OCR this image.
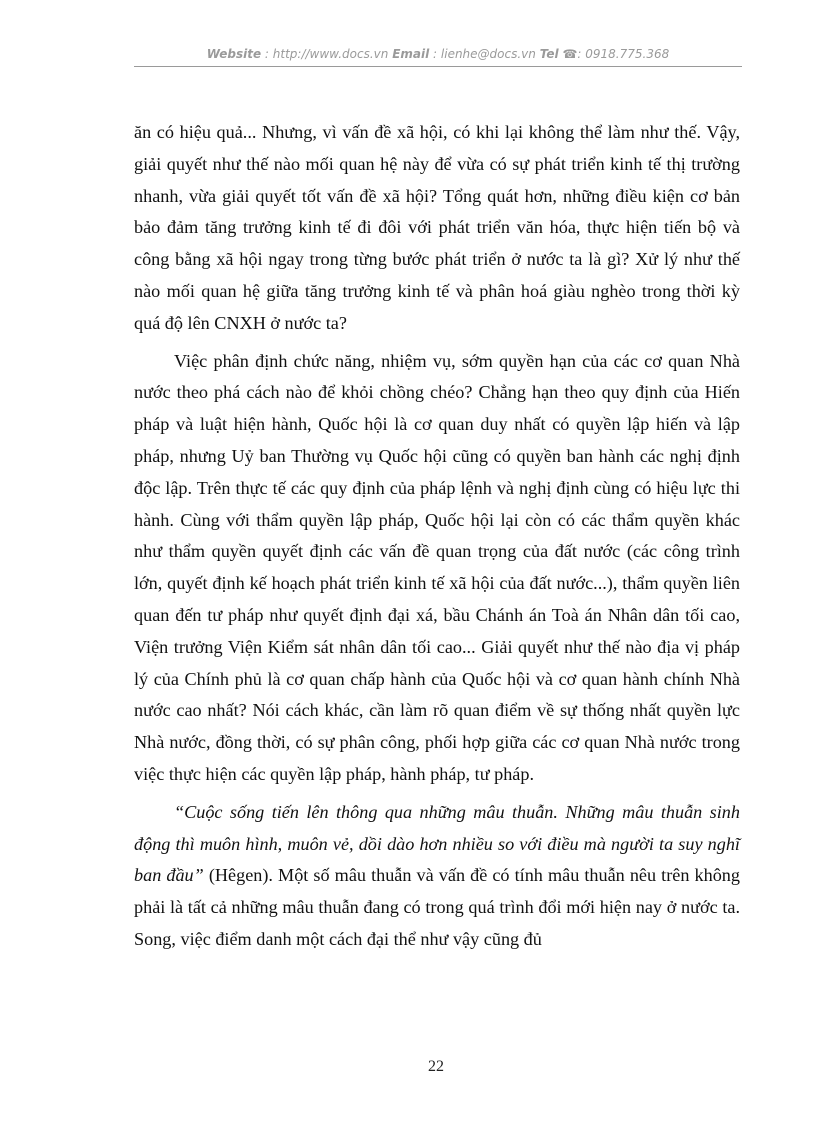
Website : http://www.docs.vn Email : lienhe@docs.vn Tel ☎: 0918.775.368

ăn có hiệu quả... Nhưng, vì vấn đề xã hội, có khi lại không thể làm như thế. Vậy, giải quyết như thế nào mối quan hệ này để vừa có sự phát triển kinh tế thị trường nhanh, vừa giải quyết tốt vấn đề xã hội? Tổng quát hơn, những điều kiện cơ bản bảo đảm tăng trưởng kinh tế đi đôi với phát triển văn hóa, thực hiện tiến bộ và công bằng xã hội ngay trong từng bước phát triển ở nước ta là gì? Xử lý như thế nào mối quan hệ giữa tăng trưởng kinh tế và phân hoá giàu nghèo trong thời kỳ quá độ lên CNXH ở nước ta?

Việc phân định chức năng, nhiệm vụ, sớm quyền hạn của các cơ quan Nhà nước theo phá cách nào để khỏi chồng chéo? Chẳng hạn theo quy định của Hiến pháp và luật hiện hành, Quốc hội là cơ quan duy nhất có quyền lập hiến và lập pháp, nhưng Uỷ ban Thường vụ Quốc hội cũng có quyền ban hành các nghị định độc lập. Trên thực tế các quy định của pháp lệnh và nghị định cùng có hiệu lực thi hành. Cùng với thẩm quyền lập pháp, Quốc hội lại còn có các thẩm quyền khác như thẩm quyền quyết định các vấn đề quan trọng của đất nước (các công trình lớn, quyết định kế hoạch phát triển kinh tế xã hội của đất nước...), thẩm quyền liên quan đến tư pháp như quyết định đại xá, bầu Chánh án Toà án Nhân dân tối cao, Viện trưởng Viện Kiểm sát nhân dân tối cao... Giải quyết như thế nào địa vị pháp lý của Chính phủ là cơ quan chấp hành của Quốc hội và cơ quan hành chính Nhà nước cao nhất? Nói cách khác, cần làm rõ quan điểm về sự thống nhất quyền lực Nhà nước, đồng thời, có sự phân công, phối hợp giữa các cơ quan Nhà nước trong việc thực hiện các quyền lập pháp, hành pháp, tư pháp.

“Cuộc sống tiến lên thông qua những mâu thuẫn. Những mâu thuẫn sinh động thì muôn hình, muôn vẻ, dồi dào hơn nhiều so với điều mà người ta suy nghĩ ban đầu” (Hêgen). Một số mâu thuẫn và vấn đề có tính mâu thuẫn nêu trên không phải là tất cả những mâu thuẫn đang có trong quá trình đổi mới hiện nay ở nước ta. Song, việc điểm danh một cách đại thể như vậy cũng đủ

22
